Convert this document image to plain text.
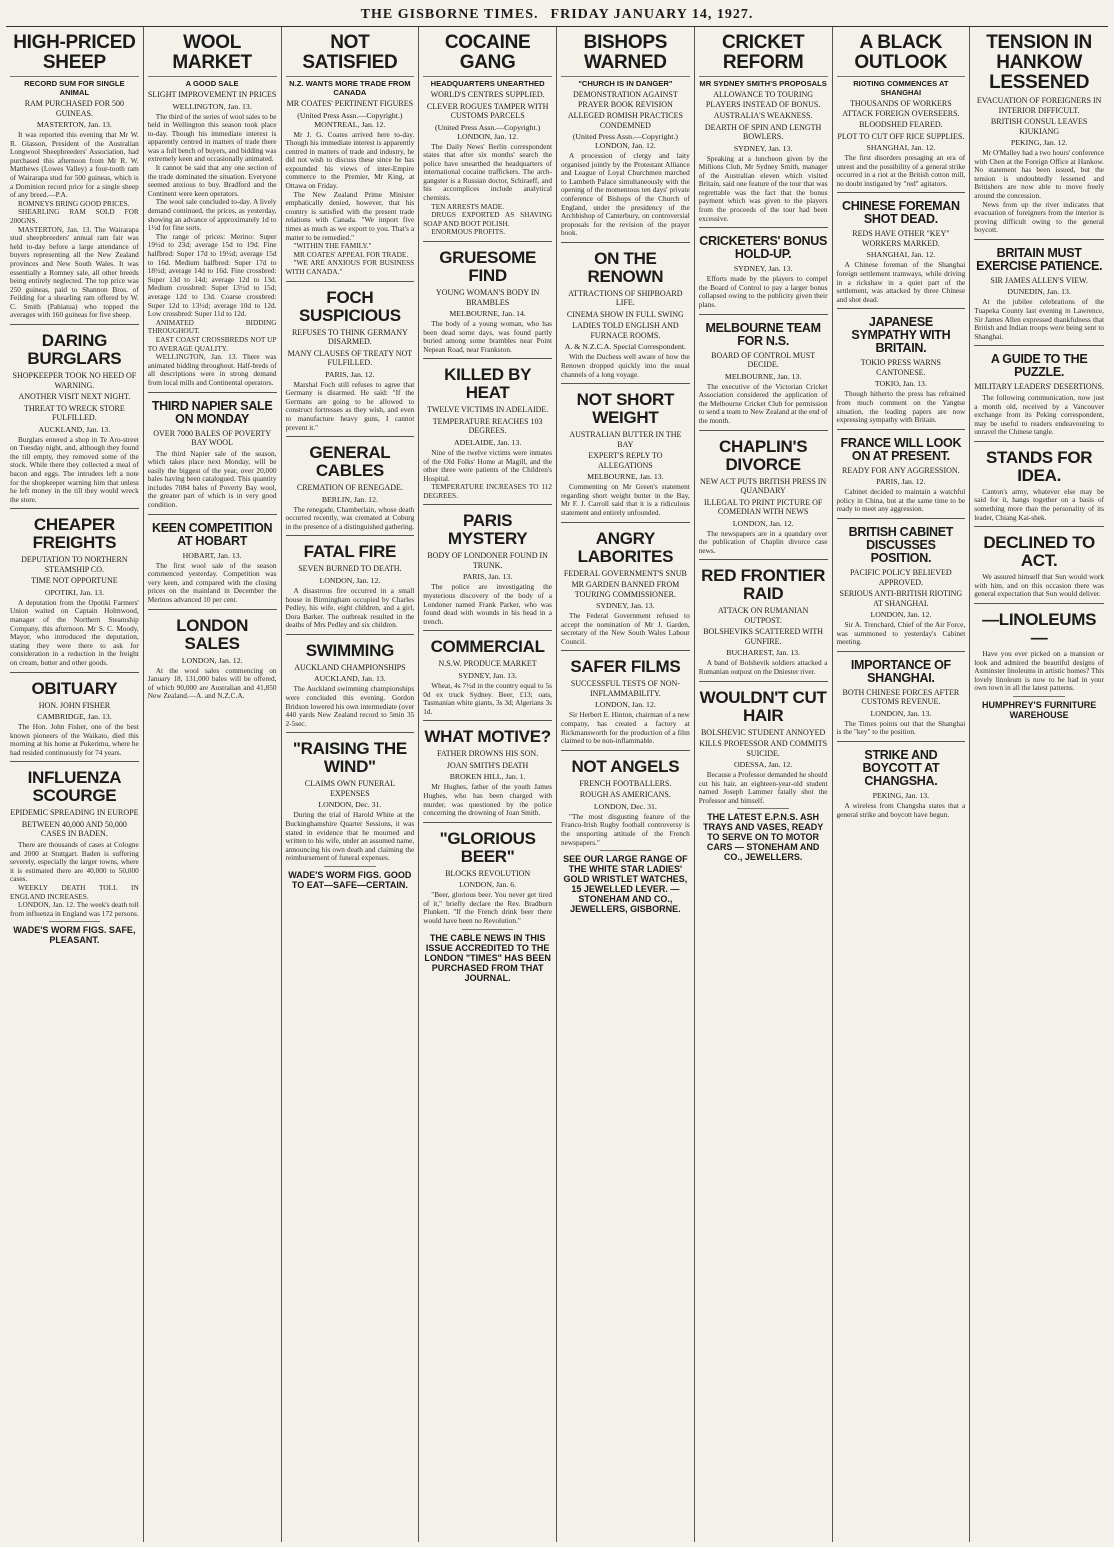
THE GISBORNE TIMES. FRIDAY JANUARY 14, 1927.
HIGH-PRICED SHEEP
RECORD SUM FOR SINGLE ANIMAL
RAM PURCHASED FOR 500 GUINEAS.
MASTERTON, Jan. 13.

It was reported this evening that Mr W. R. Glasson, President of the Australian Longwool Sheepbreeders' Association, had purchased this afternoon from Mr R. W. Matthews (Lowes Valley) a four-tooth ram of Wairarapa stud for 500 guineas, which is a Dominion record price for a single sheep of any breed.—P.A.

ROMNEYS BRING GOOD PRICES.

SHEARLING RAM SOLD FOR 200GNS.

MASTERTON, Jan. 13. The Wairarapa stud sheepbreeders' annual ram fair was held to-day before a large attendance of buyers representing all the New Zealand provinces and New South Wales. It was essentially a Romney sale, all other breeds being entirely neglected. The top price was 250 guineas, paid to Shannon Bros. of Feilding for a shearling ram offered by W. C. Smith (Pahiatua) who topped the averages with 160 guineas for five sheep.

DARING BURGLARS
SHOPKEEPER TOOK NO HEED OF WARNING.
ANOTHER VISIT NEXT NIGHT.
THREAT TO WRECK STORE FULFILLED.
AUCKLAND, Jan. 13.

Burglars entered a shop in Te Aro-street on Tuesday night, and, although they found the till empty, they removed some of the stock. While there they collected a meal of bacon and eggs. The intruders left a note for the shopkeeper warning him that unless he left money in the till they would wreck the store.

CHEAPER FREIGHTS
DEPUTATION TO NORTHERN STEAMSHIP CO.
TIME NOT OPPORTUNE
OPOTIKI, Jan. 13.

A deputation from the Opotiki Farmers' Union waited on Captain Holmwood, manager of the Northern Steamship Company, this afternoon. Mr S. C. Moody, Mayor, who introduced the deputation, stating they were there to ask for consideration in a reduction in the freight on cream, butter and other goods.

OBITUARY
HON. JOHN FISHER
CAMBRIDGE, Jan. 13.

The Hon. John Fisher, one of the best known pioneers of the Waikato, died this morning at his home at Pukerimu, where he had resided continuously for 74 years.

INFLUENZA SCOURGE
EPIDEMIC SPREADING IN EUROPE
BETWEEN 40,000 AND 50,000 CASES IN BADEN.

There are thousands of cases at Cologne and 2000 at Stuttgart. Baden is suffering severely, especially the larger towns, where it is estimated there are 40,000 to 50,000 cases.

WEEKLY DEATH TOLL IN ENGLAND INCREASES.

LONDON, Jan. 12. The week's death toll from influenza in England was 172 persons.

WADE'S WORM FIGS. SAFE, PLEASANT.
WOOL MARKET
A GOOD SALE
SLIGHT IMPROVEMENT IN PRICES
WELLINGTON, Jan. 13.

The third of the series of wool sales to be held in Wellington this season took place to-day. Though his immediate interest is apparently centred in matters of trade there was a full bench of buyers, and bidding was extremely keen and occasionally animated.

It cannot be said that any one section of the trade dominated the situation. Everyone seemed anxious to buy. Bradford and the Continent were keen operators.

The wool sale concluded to-day. A lively demand continued, the prices, as yesterday, showing an advance of approximately 1d to 1½d for fine sorts.

The range of prices: Merino: Super 19½d to 23d; average 15d to 19d. Fine halfbred: Super 17d to 19½d; average 15d to 16d. Medium halfbred: Super 17d to 18½d; average 14d to 16d. Fine crossbred: Super 13d to 14d; average 12d to 13d. Medium crossbred: Super 13½d to 15d; average 12d to 13d. Coarse crossbred: Super 12d to 13½d; average 10d to 12d. Low crossbred: Super 11d to 12d.

ANIMATED BIDDING THROUGHOUT.

EAST COAST CROSSBREDS NOT UP TO AVERAGE QUALITY.

WELLINGTON, Jan. 13. There was animated bidding throughout. Half-breds of all descriptions were in strong demand from local mills and Continental operators.

THIRD NAPIER SALE ON MONDAY
OVER 7000 BALES OF POVERTY BAY WOOL

The third Napier sale of the season, which takes place next Monday, will be easily the biggest of the year, over 20,000 bales having been catalogued. This quantity includes 7084 bales of Poverty Bay wool, the greater part of which is in very good condition.

KEEN COMPETITION AT HOBART
HOBART, Jan. 13.

The first wool sale of the season commenced yesterday. Competition was very keen, and compared with the closing prices on the mainland in December the Merinos advanced 10 per cent.

LONDON SALES
LONDON, Jan. 12.

At the wool sales commencing on January 18, 131,000 bales will be offered, of which 90,000 are Australian and 41,850 New Zealand.—A. and N.Z.C.A.

NOT SATISFIED
N.Z. WANTS MORE TRADE FROM CANADA
MR COATES' PERTINENT FIGURES
(United Press Assn.—Copyright.) MONTREAL, Jan. 12.

Mr J. G. Coates arrived here to-day. Though his immediate interest is apparently centred in matters of trade and industry, he did not wish to discuss these since he has expounded his views of inter-Empire commerce to the Premier, Mr King, at Ottawa on Friday.

The New Zealand Prime Minister emphatically denied, however, that his country is satisfied with the present trade relations with Canada. "We import five times as much as we export to you. That's a matter to be remedied."

"WITHIN THE FAMILY."

MR COATES' APPEAL FOR TRADE.

"WE ARE ANXIOUS FOR BUSINESS WITH CANADA."

FOCH SUSPICIOUS
REFUSES TO THINK GERMANY DISARMED.
MANY CLAUSES OF TREATY NOT FULFILLED.
PARIS, Jan. 12.

Marshal Foch still refuses to agree that Germany is disarmed. He said: "If the Germans are going to be allowed to construct fortresses as they wish, and even to manufacture heavy guns, I cannot prevent it."

GENERAL CABLES
CREMATION OF RENEGADE.
BERLIN, Jan. 12.

The renegade, Chamberlain, whose death occurred recently, was cremated at Coburg in the presence of a distinguished gathering.

FATAL FIRE
SEVEN BURNED TO DEATH.
LONDON, Jan. 12.

A disastrous fire occurred in a small house in Birmingham occupied by Charles Pedley, his wife, eight children, and a girl, Dora Barker. The outbreak resulted in the deaths of Mrs Pedley and six children.

SWIMMING
AUCKLAND CHAMPIONSHIPS
AUCKLAND, Jan. 13.

The Auckland swimming championships were concluded this evening. Gordon Bridson lowered his own intermediate (over 440 yards New Zealand record to 5min 35 2-5sec.

"RAISING THE WIND"
CLAIMS OWN FUNERAL EXPENSES
LONDON, Dec. 31.

During the trial of Harold White at the Buckinghamshire Quarter Sessions, it was stated in evidence that he mourned and written to his wife, under an assumed name, announcing his own death and claiming the reimbursement of funeral expenses.

WADE'S WORM FIGS. GOOD TO EAT—SAFE—CERTAIN.
COCAINE GANG
HEADQUARTERS UNEARTHED
WORLD'S CENTRES SUPPLIED.
CLEVER ROGUES TAMPER WITH CUSTOMS PARCELS
(United Press Assn.—Copyright.) LONDON, Jan. 12.

The Daily News' Berlin correspondent states that after six months' search the police have unearthed the headquarters of international cocaine traffickers. The arch-gangster is a Russian doctor, Schiraeff, and his accomplices include analytical chemists.

TEN ARRESTS MADE.

DRUGS EXPORTED AS SHAVING SOAP AND BOOT POLISH.

ENORMOUS PROFITS.

GRUESOME FIND
YOUNG WOMAN'S BODY IN BRAMBLES
MELBOURNE, Jan. 14.

The body of a young woman, who has been dead some days, was found partly buried among some brambles near Point Nepean Road, near Frankston.

KILLED BY HEAT
TWELVE VICTIMS IN ADELAIDE.
TEMPERATURE REACHES 103 DEGREES.
ADELAIDE, Jan. 13.

Nine of the twelve victims were inmates of the Old Folks' Home at Magill, and the other three were patients of the Children's Hospital.

TEMPERATURE INCREASES TO 112 DEGREES.

PARIS MYSTERY
BODY OF LONDONER FOUND IN TRUNK.
PARIS, Jan. 13.

The police are investigating the mysterious discovery of the body of a Londoner named Frank Parker, who was found dead with wounds in his head in a trench.

COMMERCIAL
N.S.W. PRODUCE MARKET
SYDNEY, Jan. 13.

Wheat, 4s 7½d in the country equal to 5s 0d ex truck Sydney. Beer, £13; oats, Tasmanian white giants, 3s 3d; Algerians 3s 1d.

WHAT MOTIVE?
FATHER DROWNS HIS SON.
JOAN SMITH'S DEATH
BROKEN HILL, Jan. 1.

Mr Hughes, father of the youth James Hughes, who has been charged with murder, was questioned by the police concerning the drowning of Joan Smith.

"GLORIOUS BEER"
BLOCKS REVOLUTION
LONDON, Jan. 6.

"Beer, glorious beer. You never get tired of it," briefly declare the Rev. Bradburn Plunkett. "If the French drink beer there would have been no Revolution."

THE CABLE NEWS IN THIS ISSUE ACCREDITED TO THE LONDON "TIMES" HAS BEEN PURCHASED FROM THAT JOURNAL.
BISHOPS WARNED
"CHURCH IS IN DANGER"
DEMONSTRATION AGAINST PRAYER BOOK REVISION
ALLEGED ROMISH PRACTICES CONDEMNED
(United Press Assn.—Copyright.) LONDON, Jan. 12.

A procession of clergy and laity organised jointly by the Protestant Alliance and League of Loyal Churchmen marched to Lambeth Palace simultaneously with the opening of the momentous ten days' private conference of Bishops of the Church of England, under the presidency of the Archbishop of Canterbury, on controversial proposals for the revision of the prayer book.

ON THE RENOWN
ATTRACTIONS OF SHIPBOARD LIFE.
CINEMA SHOW IN FULL SWING
LADIES TOLD ENGLISH AND FURNACE ROOMS.
A. & N.Z.C.A. Special Correspondent.

With the Duchess well aware of how the Renown dropped quickly into the usual channels of a long voyage.

NOT SHORT WEIGHT
AUSTRALIAN BUTTER IN THE BAY
EXPERT'S REPLY TO ALLEGATIONS
MELBOURNE, Jan. 13.

Commenting on Mr Green's statement regarding short weight butter in the Bay, Mr F. J. Carroll said that it is a ridiculous statement and entirely unfounded.

ANGRY LABORITES
FEDERAL GOVERNMENT'S SNUB
MR GARDEN BANNED FROM TOURING COMMISSIONER.
SYDNEY, Jan. 13.

The Federal Government refused to accept the nomination of Mr J. Garden, secretary of the New South Wales Labour Council.

SAFER FILMS
SUCCESSFUL TESTS OF NON-INFLAMMABILITY.
LONDON, Jan. 12.

Sir Herbert E. Hinton, chairman of a new company, has created a factory at Rickmansworth for the production of a film claimed to be non-inflammable.

NOT ANGELS
FRENCH FOOTBALLERS.
ROUGH AS AMERICANS.
LONDON, Dec. 31.

"The most disgusting feature of the Franco-Irish Rugby football controversy is the unsporting attitude of the French newspapers."

SEE OUR LARGE RANGE OF THE WHITE STAR LADIES' GOLD WRISTLET WATCHES, 15 JEWELLED LEVER. — STONEHAM AND CO., JEWELLERS, GISBORNE.
CRICKET REFORM
MR SYDNEY SMITH'S PROPOSALS
ALLOWANCE TO TOURING PLAYERS INSTEAD OF BONUS.
AUSTRALIA'S WEAKNESS.
DEARTH OF SPIN AND LENGTH BOWLERS.
SYDNEY, Jan. 13.

Speaking at a luncheon given by the Millions Club, Mr Sydney Smith, manager of the Australian eleven which visited Britain, said one feature of the tour that was regrettable was the fact that the bonus payment which was given to the players from the proceeds of the tour had been excessive.

CRICKETERS' BONUS HOLD-UP.
SYDNEY, Jan. 13.

Efforts made by the players to compel the Board of Control to pay a larger bonus collapsed owing to the publicity given their plans.

MELBOURNE TEAM FOR N.S.
BOARD OF CONTROL MUST DECIDE.
MELBOURNE, Jan. 13.

The executive of the Victorian Cricket Association considered the application of the Melbourne Cricket Club for permission to send a team to New Zealand at the end of the month.

CHAPLIN'S DIVORCE
NEW ACT PUTS BRITISH PRESS IN QUANDARY
ILLEGAL TO PRINT PICTURE OF COMEDIAN WITH NEWS
LONDON, Jan. 12.

The newspapers are in a quandary over the publication of Chaplin divorce case news.

RED FRONTIER RAID
ATTACK ON RUMANIAN OUTPOST.
BOLSHEVIKS SCATTERED WITH GUNFIRE.
BUCHAREST, Jan. 13.

A band of Bolshevik soldiers attacked a Rumanian outpost on the Dniester river.

WOULDN'T CUT HAIR
BOLSHEVIC STUDENT ANNOYED
KILLS PROFESSOR AND COMMITS SUICIDE.
ODESSA, Jan. 12.

Because a Professor demanded he should cut his hair, an eighteen-year-old student named Joseph Lammer fatally shot the Professor and himself.

THE LATEST E.P.N.S. ASH TRAYS AND VASES, READY TO SERVE ON TO MOTOR CARS — STONEHAM AND CO., JEWELLERS.
A BLACK OUTLOOK
RIOTING COMMENCES AT SHANGHAI
THOUSANDS OF WORKERS ATTACK FOREIGN OVERSEERS.
BLOODSHED FEARED.
PLOT TO CUT OFF RICE SUPPLIES.
SHANGHAI, Jan. 12.

The first disorders presaging an era of unrest and the possibility of a general strike occurred in a riot at the British cotton mill, no doubt instigated by "red" agitators.

CHINESE FOREMAN SHOT DEAD.
REDS HAVE OTHER "KEY" WORKERS MARKED.
SHANGHAI, Jan. 12.

A Chinese foreman of the Shanghai foreign settlement tramways, while driving in a rickshaw in a quiet part of the settlement, was attacked by three Chinese and shot dead.

JAPANESE SYMPATHY WITH BRITAIN.
TOKIO PRESS WARNS CANTONESE.
TOKIO, Jan. 13.

Though hitherto the press has refrained from much comment on the Yangtse situation, the leading papers are now expressing sympathy with Britain.

FRANCE WILL LOOK ON AT PRESENT.
READY FOR ANY AGGRESSION.
PARIS, Jan. 12.

Cabinet decided to maintain a watchful policy in China, but at the same time to be ready to meet any aggression.

BRITISH CABINET DISCUSSES POSITION.
PACIFIC POLICY BELIEVED APPROVED.
SERIOUS ANTI-BRITISH RIOTING AT SHANGHAI.
LONDON, Jan. 12.

Sir A. Trenchard, Chief of the Air Force, was summoned to yesterday's Cabinet meeting.

IMPORTANCE OF SHANGHAI.
BOTH CHINESE FORCES AFTER CUSTOMS REVENUE.
LONDON, Jan. 13.

The Times points out that the Shanghai is the "key" to the position.

STRIKE AND BOYCOTT AT CHANGSHA.
PEKING, Jan. 13.

A wireless from Changsha states that a general strike and boycott have begun.

TENSION IN HANKOW LESSENED
EVACUATION OF FOREIGNERS IN INTERIOR DIFFICULT.
BRITISH CONSUL LEAVES KIUKIANG
PEKING, Jan. 12.

Mr O'Malley had a two hours' conference with Chen at the Foreign Office at Hankow. No statement has been issued, but the tension is undoubtedly lessened and Britishers are now able to move freely around the concession.

News from up the river indicates that evacuation of foreigners from the interior is proving difficult owing to the general boycott.

BRITAIN MUST EXERCISE PATIENCE.
SIR JAMES ALLEN'S VIEW.
DUNEDIN, Jan. 13.

At the jubilee celebrations of the Tuapeka County last evening in Lawrence, Sir James Allen expressed thankfulness that British and Indian troops were being sent to Shanghai.

A GUIDE TO THE PUZZLE.
MILITARY LEADERS' DESERTIONS.

The following communication, now just a month old, received by a Vancouver exchange from its Peking correspondent, may be useful to readers endeavouring to unravel the Chinese tangle.

STANDS FOR IDEA.

Canton's army, whatever else may be said for it, hangs together on a basis of something more than the personality of its leader, Chiang Kai-shek.

DECLINED TO ACT.

We assured himself that Sun would work with him, and on this occasion there was general expectation that Sun would deliver.

—LINOLEUMS—

Have you ever picked on a mansion or look and admired the beautiful designs of Axminster linoleums in artistic homes? This lovely linoleum is now to be had in your own town in all the latest patterns.

HUMPHREY'S FURNITURE WAREHOUSE
